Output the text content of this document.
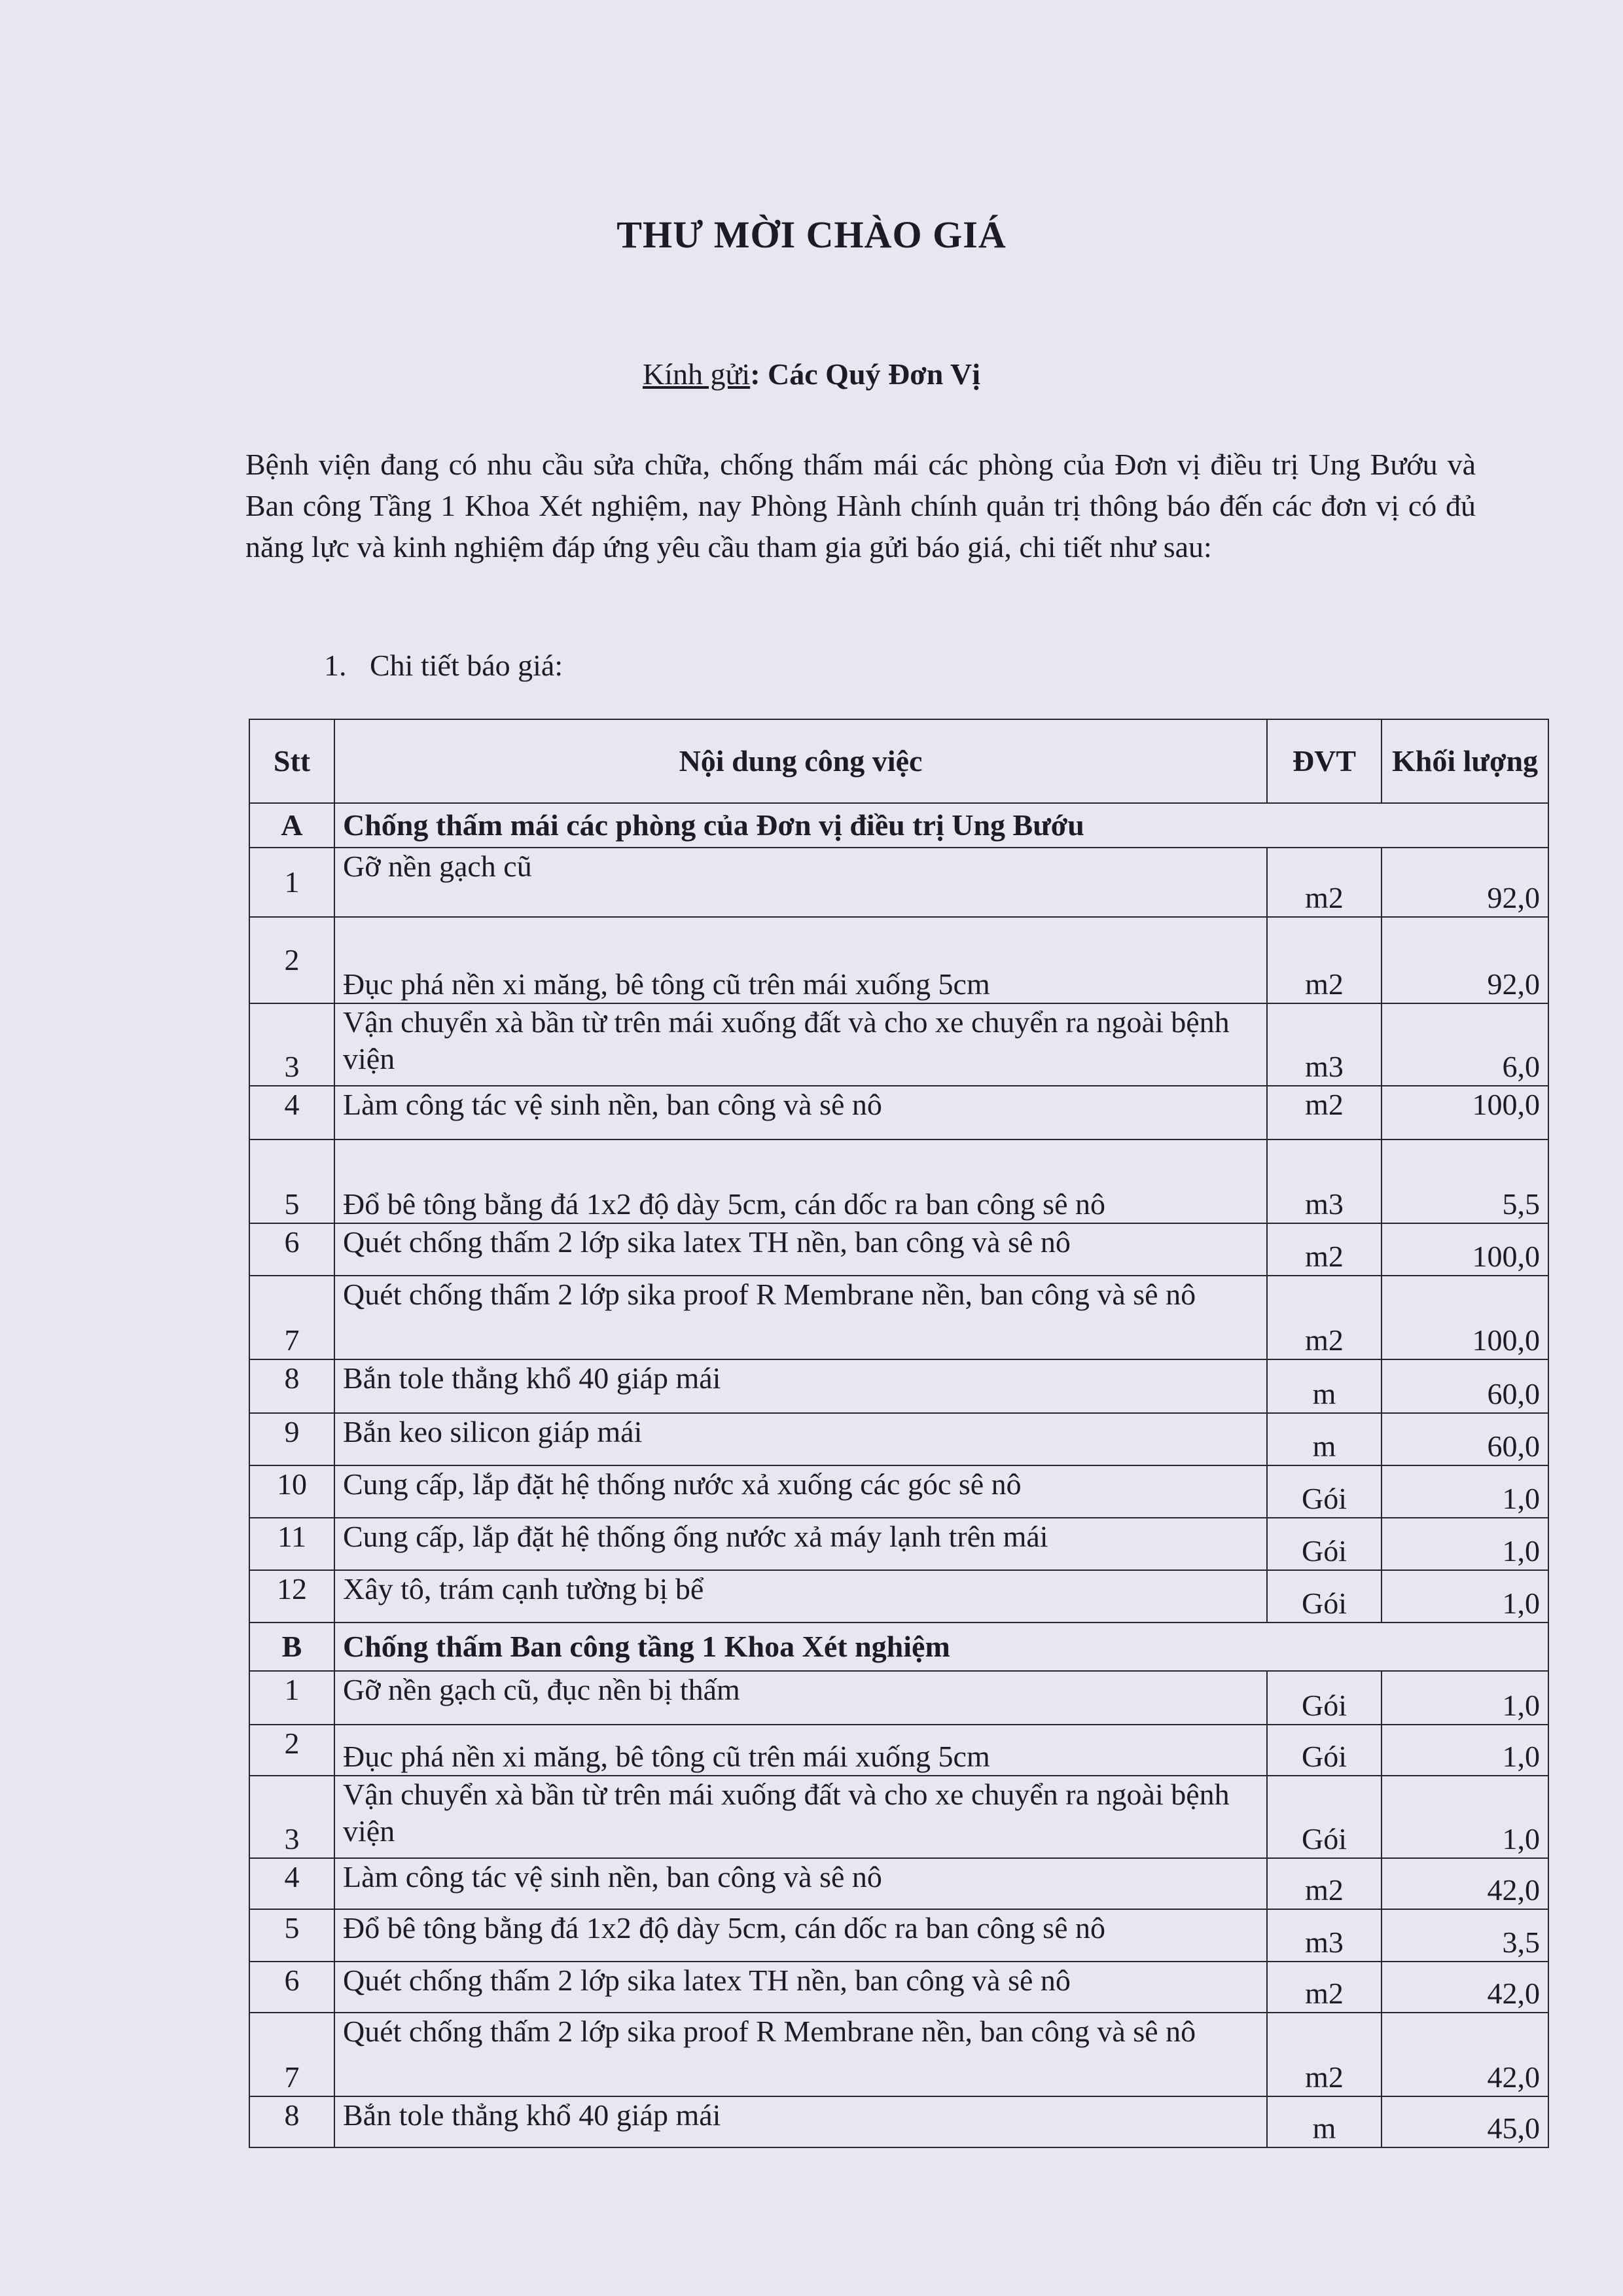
THƯ MỜI CHÀO GIÁ
Kính gửi: Các Quý Đơn Vị
Bệnh viện đang có nhu cầu sửa chữa, chống thấm mái các phòng của Đơn vị điều trị Ung Bướu và Ban công Tầng 1 Khoa Xét nghiệm, nay Phòng Hành chính quản trị thông báo đến các đơn vị có đủ năng lực và kinh nghiệm đáp ứng yêu cầu tham gia gửi báo giá, chi tiết như sau:
1. Chi tiết báo giá:
Stt	Nội dung công việc	ĐVT	Khối lượng
A	Chống thấm mái các phòng của Đơn vị điều trị Ung Bướu		
1	Gỡ nền gạch cũ	m2	92,0
2	Đục phá nền xi măng, bê tông cũ trên mái xuống 5cm	m2	92,0
3	Vận chuyển xà bần từ trên mái xuống đất và cho xe chuyển ra ngoài bệnh viện	m3	6,0
4	Làm công tác vệ sinh nền, ban công và sê nô	m2	100,0
5	Đổ bê tông bằng đá 1x2 độ dày 5cm, cán dốc ra ban công sê nô	m3	5,5
6	Quét chống thấm 2 lớp sika latex TH nền, ban công và sê nô	m2	100,0
7	Quét chống thấm 2 lớp sika proof R Membrane nền, ban công và sê nô	m2	100,0
8	Bắn tole thẳng khổ 40 giáp mái	m	60,0
9	Bắn keo silicon giáp mái	m	60,0
10	Cung cấp, lắp đặt hệ thống nước xả xuống các góc sê nô	Gói	1,0
11	Cung cấp, lắp đặt hệ thống ống nước xả máy lạnh trên mái	Gói	1,0
12	Xây tô, trám cạnh tường bị bể	Gói	1,0
B	Chống thấm Ban công tầng 1 Khoa Xét nghiệm		
1	Gỡ nền gạch cũ, đục nền bị thấm	Gói	1,0
2	Đục phá nền xi măng, bê tông cũ trên mái xuống 5cm	Gói	1,0
3	Vận chuyển xà bần từ trên mái xuống đất và cho xe chuyển ra ngoài bệnh viện	Gói	1,0
4	Làm công tác vệ sinh nền, ban công và sê nô	m2	42,0
5	Đổ bê tông bằng đá 1x2 độ dày 5cm, cán dốc ra ban công sê nô	m3	3,5
6	Quét chống thấm 2 lớp sika latex TH nền, ban công và sê nô	m2	42,0
7	Quét chống thấm 2 lớp sika proof R Membrane nền, ban công và sê nô	m2	42,0
8	Bắn tole thẳng khổ 40 giáp mái	m	45,0
